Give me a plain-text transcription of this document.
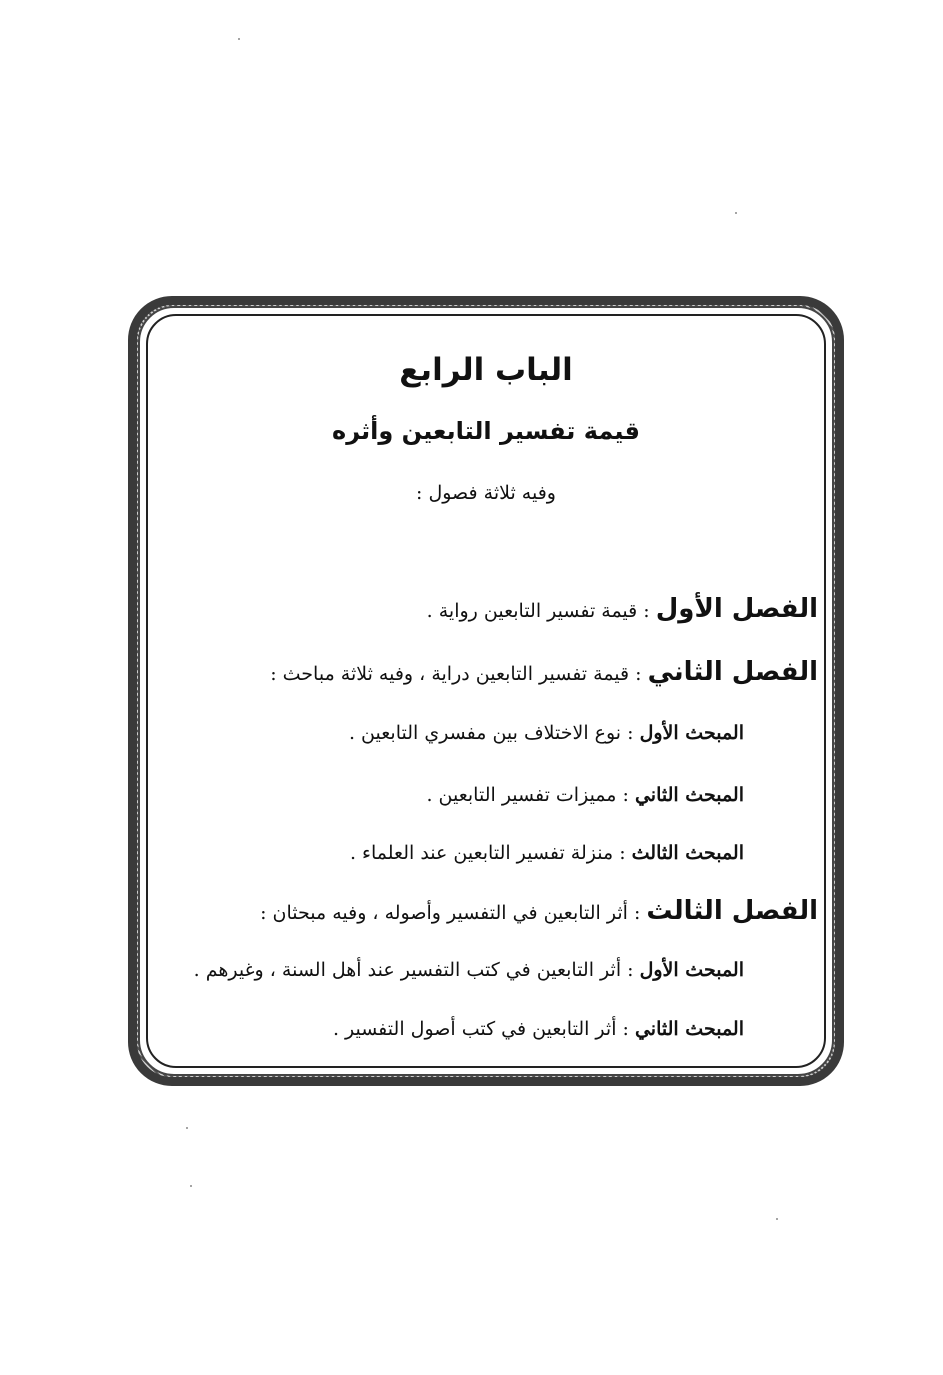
الباب الرابع
قيمة تفسير التابعين وأثره
وفيه ثلاثة فصول :
الفصل الأول : قيمة تفسير التابعين رواية .
الفصل الثاني : قيمة تفسير التابعين دراية ، وفيه ثلاثة مباحث :
المبحث الأول : نوع الاختلاف بين مفسري التابعين .
المبحث الثاني : مميزات تفسير التابعين .
المبحث الثالث : منزلة تفسير التابعين عند العلماء .
الفصل الثالث : أثر التابعين في التفسير وأصوله ، وفيه مبحثان :
المبحث الأول : أثر التابعين في كتب التفسير عند أهل السنة ، وغيرهم .
المبحث الثاني : أثر التابعين في كتب أصول التفسير .
